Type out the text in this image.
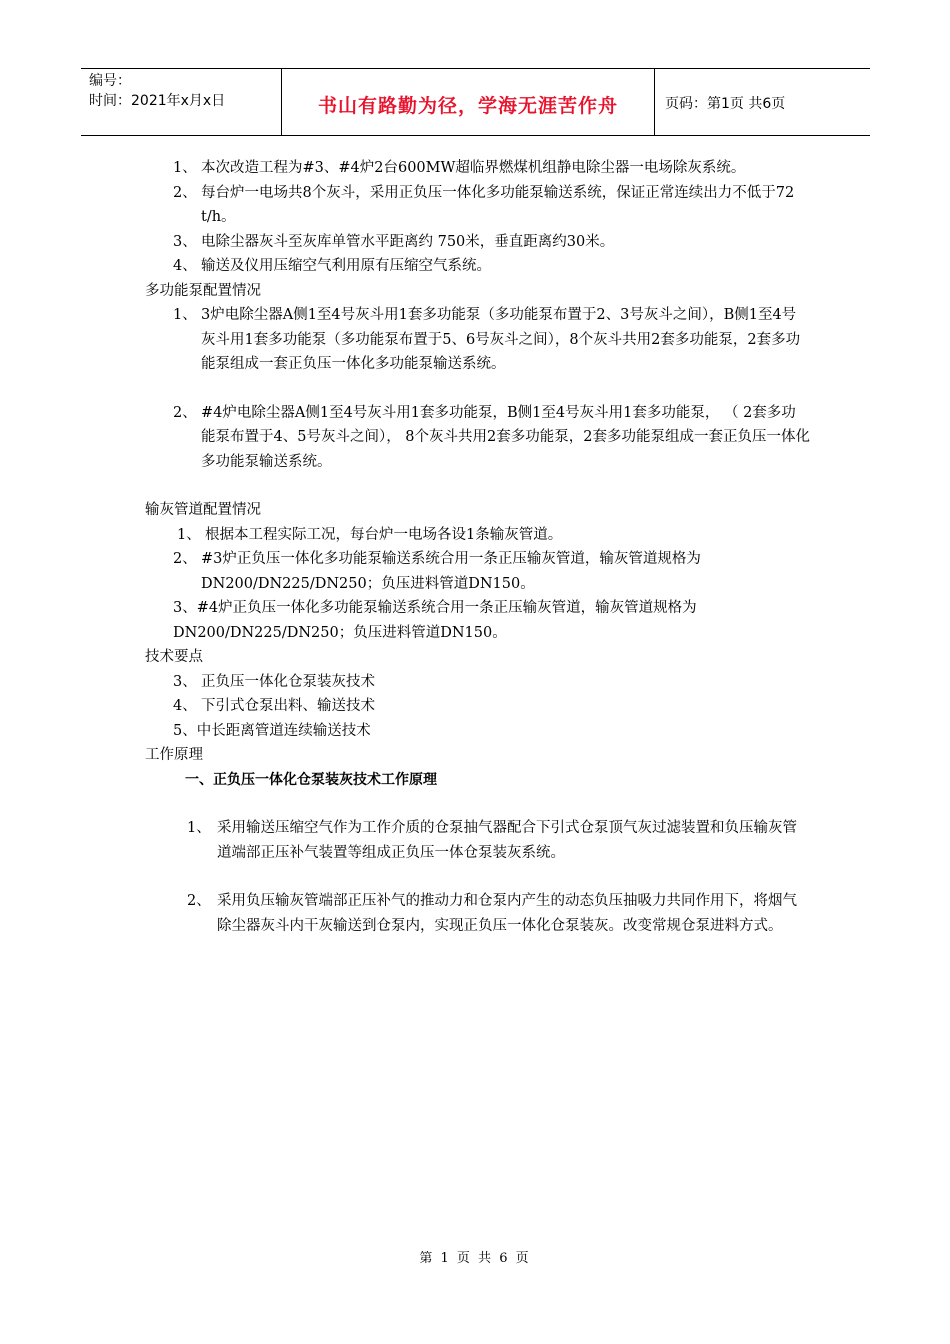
编号：
时间：2021年x月x日	书山有路勤为径，学海无涯苦作舟	页码：第1页 共6页
1、 本次改造工程为#3、#4炉2台600MW超临界燃煤机组静电除尘器一电场除灰系统。
2、 每台炉一电场共8个灰斗，采用正负压一体化多功能泵输送系统，保证正常连续出力不低于72 t/h。
3、 电除尘器灰斗至灰库单管水平距离约 750米，垂直距离约30米。
4、 输送及仪用压缩空气利用原有压缩空气系统。

多功能泵配置情况

1、 3炉电除尘器A侧1至4号灰斗用1套多功能泵（多功能泵布置于2、3号灰斗之间），B侧1至4号灰斗用1套多功能泵（多功能泵布置于5、6号灰斗之间），8个灰斗共用2套多功能泵，2套多功能泵组成一套正负压一体化多功能泵输送系统。
2、 #4炉电除尘器A侧1至4号灰斗用1套多功能泵，B侧1至4号灰斗用1套多功能泵， （ 2套多功能泵布置于4、5号灰斗之间）， 8个灰斗共用2套多功能泵，2套多功能泵组成一套正负压一体化多功能泵输送系统。

输灰管道配置情况

1、 根据本工程实际工况，每台炉一电场各设1条输灰管道。
2、 #3炉正负压一体化多功能泵输送系统合用一条正压输灰管道，输灰管道规格为DN200/DN225/DN250；负压进料管道DN150。

3、#4炉正负压一体化多功能泵输送系统合用一条正压输灰管道，输灰管道规格为DN200/DN225/DN250；负压进料管道DN150。

技术要点

3、 正负压一体化仓泵装灰技术
4、 下引式仓泵出料、输送技术

5、中长距离管道连续输送技术

工作原理

一、正负压一体化仓泵装灰技术工作原理

1、 采用输送压缩空气作为工作介质的仓泵抽气器配合下引式仓泵顶气灰过滤装置和负压输灰管道端部正压补气装置等组成正负压一体仓泵装灰系统。
2、 采用负压输灰管端部正压补气的推动力和仓泵内产生的动态负压抽吸力共同作用下，将烟气除尘器灰斗内干灰输送到仓泵内，实现正负压一体化仓泵装灰。改变常规仓泵进料方式。
第 1 页 共 6 页
